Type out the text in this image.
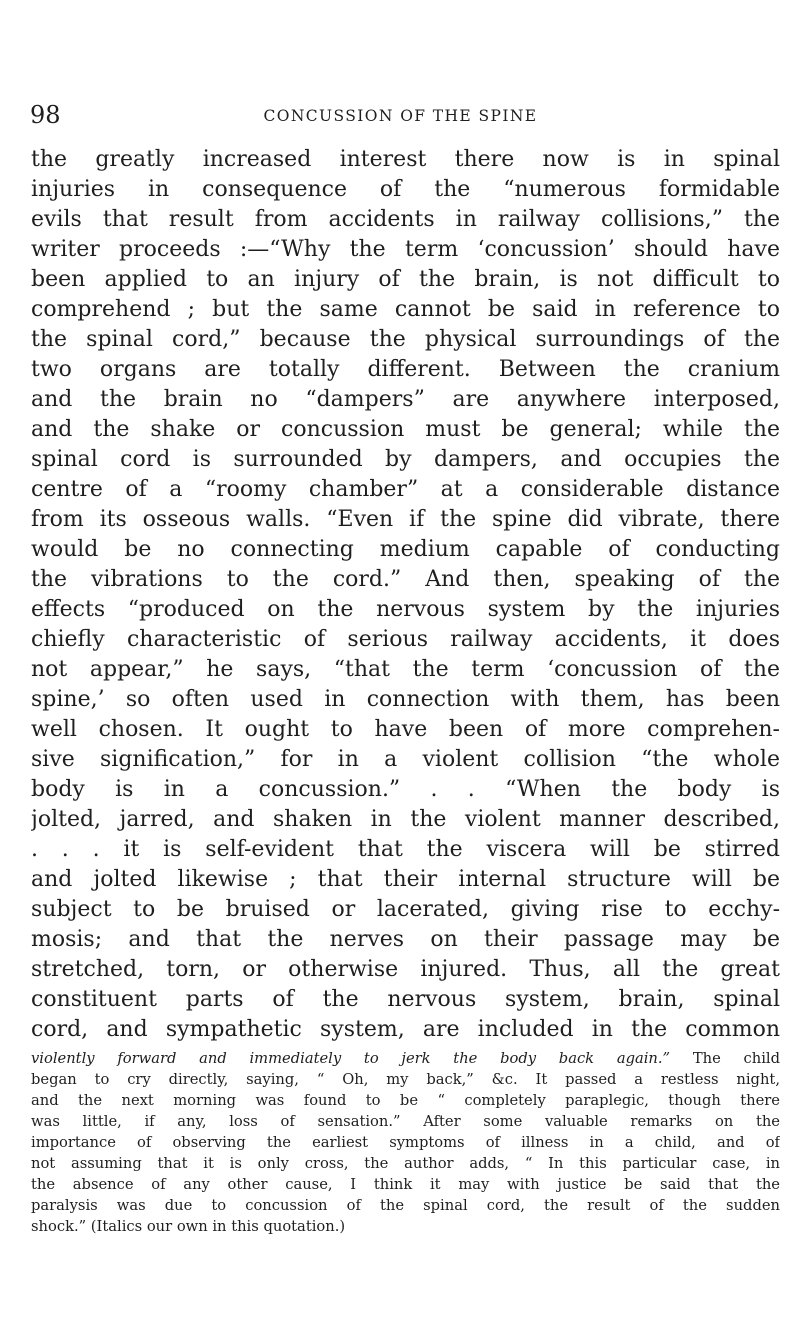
98	CONCUSSION OF THE SPINE
the greatly increased interest there now is in spinal
injuries in consequence of the “numerous formidable
evils that result from accidents in railway collisions,” the
writer proceeds :—“Why the term ‘concussion’ should have
been applied to an injury of the brain, is not difficult to
comprehend ; but the same cannot be said in reference to
the spinal cord,” because the physical surroundings of the
two organs are totally different. Between the cranium
and the brain no “dampers” are anywhere interposed,
and the shake or concussion must be general; while the
spinal cord is surrounded by dampers, and occupies the
centre of a “roomy chamber” at a considerable distance
from its osseous walls. “Even if the spine did vibrate, there
would be no connecting medium capable of conducting
the vibrations to the cord.” And then, speaking of the
effects “produced on the nervous system by the injuries
chiefly characteristic of serious railway accidents, it does
not appear,” he says, “that the term ‘concussion of the
spine,’ so often used in connection with them, has been
well chosen. It ought to have been of more comprehen-
sive signification,” for in a violent collision “the whole
body is in a concussion.” . . “When the body is
jolted, jarred, and shaken in the violent manner described,
. . . it is self-evident that the viscera will be stirred
and jolted likewise ; that their internal structure will be
subject to be bruised or lacerated, giving rise to ecchy-
mosis; and that the nerves on their passage may be
stretched, torn, or otherwise injured. Thus, all the great
constituent parts of the nervous system, brain, spinal
cord, and sympathetic system, are included in the common
violently forward and immediately to jerk the body back again.” The child
began to cry directly, saying, “ Oh, my back,” &c. It passed a restless night,
and the next morning was found to be “ completely paraplegic, though there
was little, if any, loss of sensation.” After some valuable remarks on the
importance of observing the earliest symptoms of illness in a child, and of
not assuming that it is only cross, the author adds, “ In this particular case, in
the absence of any other cause, I think it may with justice be said that the
paralysis was due to concussion of the spinal cord, the result of the sudden
shock.” (Italics our own in this quotation.)
